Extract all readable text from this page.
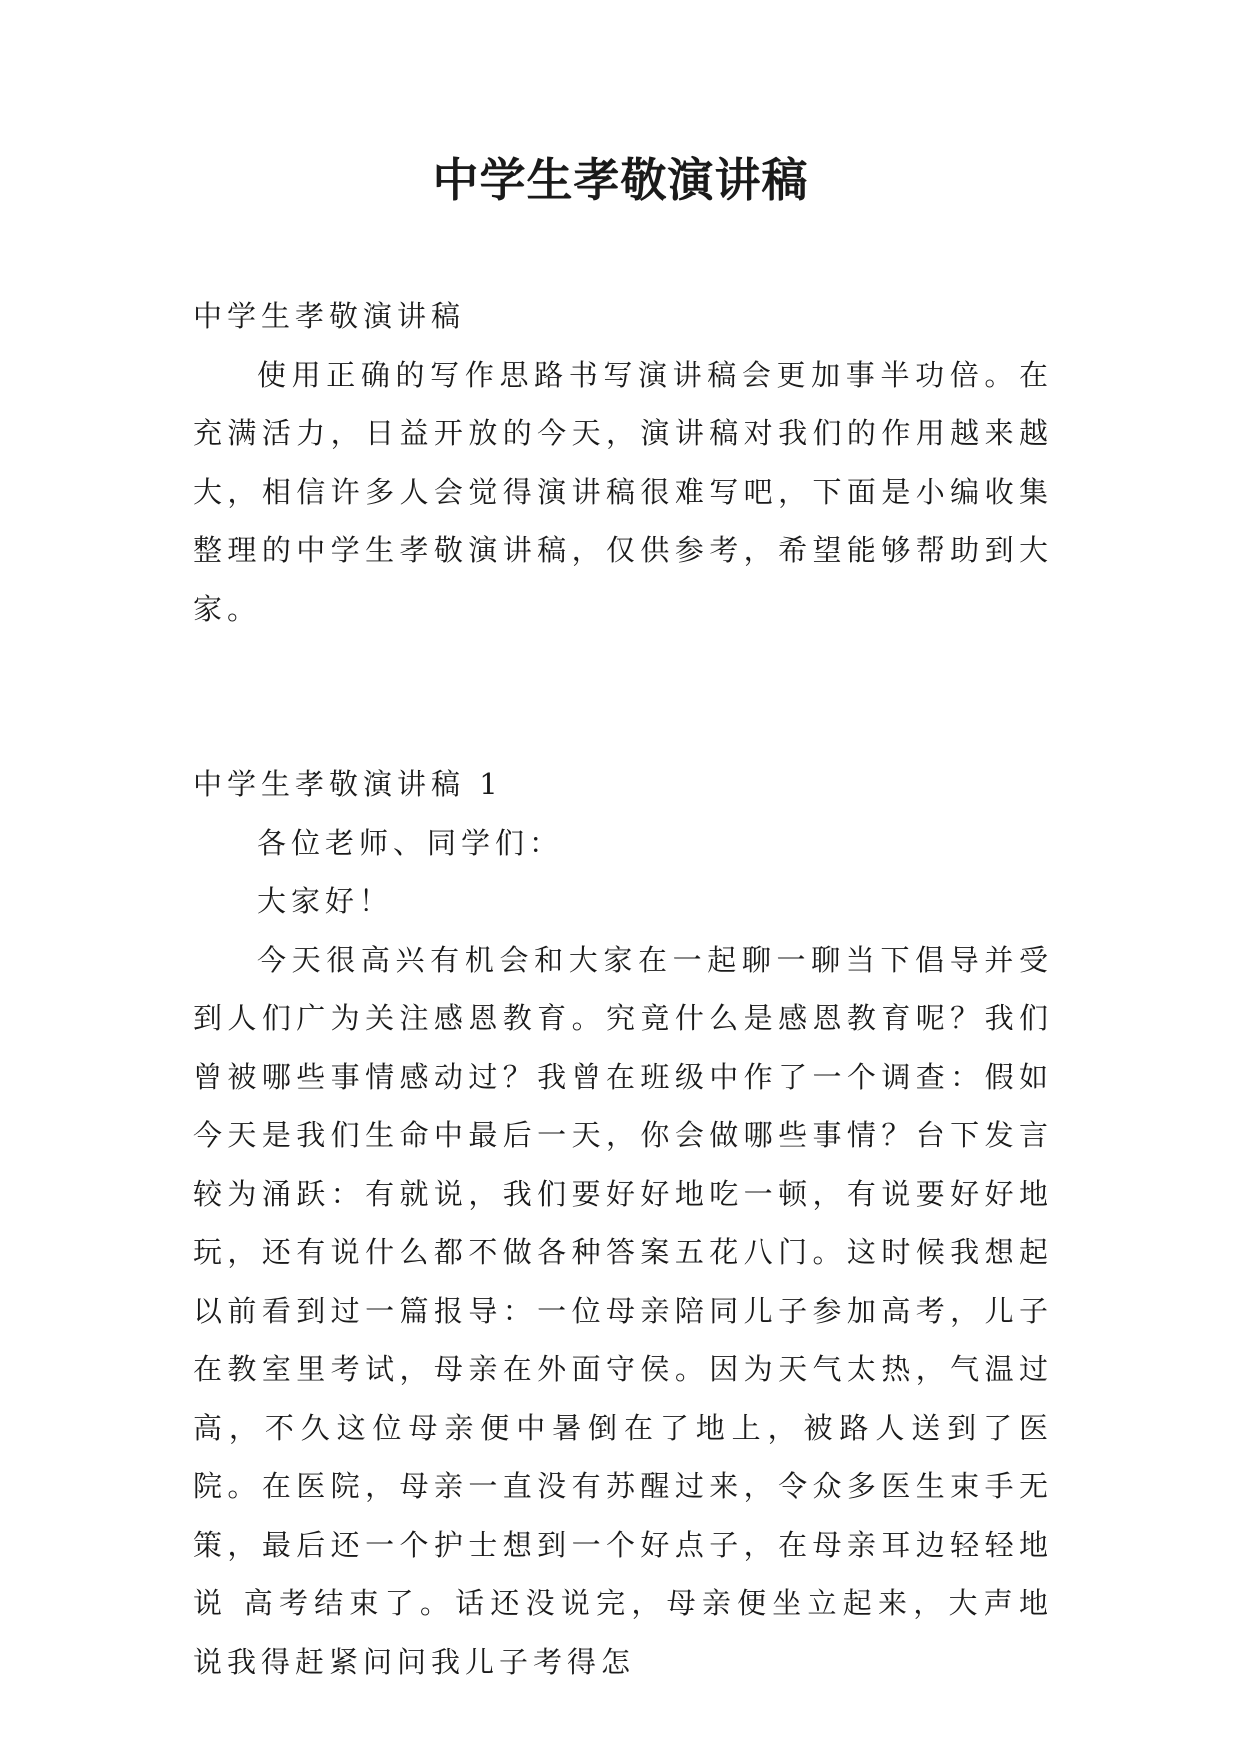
中学生孝敬演讲稿

中学生孝敬演讲稿

使用正确的写作思路书写演讲稿会更加事半功倍。在充满活力，日益开放的今天，演讲稿对我们的作用越来越大，相信许多人会觉得演讲稿很难写吧，下面是小编收集整理的中学生孝敬演讲稿，仅供参考，希望能够帮助到大家。

中学生孝敬演讲稿 1

各位老师、同学们：

大家好！

今天很高兴有机会和大家在一起聊一聊当下倡导并受到人们广为关注感恩教育。究竟什么是感恩教育呢？我们曾被哪些事情感动过？我曾在班级中作了一个调查：假如今天是我们生命中最后一天，你会做哪些事情？台下发言较为涌跃：有就说，我们要好好地吃一顿，有说要好好地玩，还有说什么都不做各种答案五花八门。这时候我想起以前看到过一篇报导：一位母亲陪同儿子参加高考，儿子在教室里考试，母亲在外面守侯。因为天气太热，气温过高，不久这位母亲便中暑倒在了地上，被路人送到了医院。在医院，母亲一直没有苏醒过来，令众多医生束手无策，最后还一个护士想到一个好点子，在母亲耳边轻轻地说 高考结束了。话还没说完，母亲便坐立起来，大声地说我得赶紧问问我儿子考得怎
